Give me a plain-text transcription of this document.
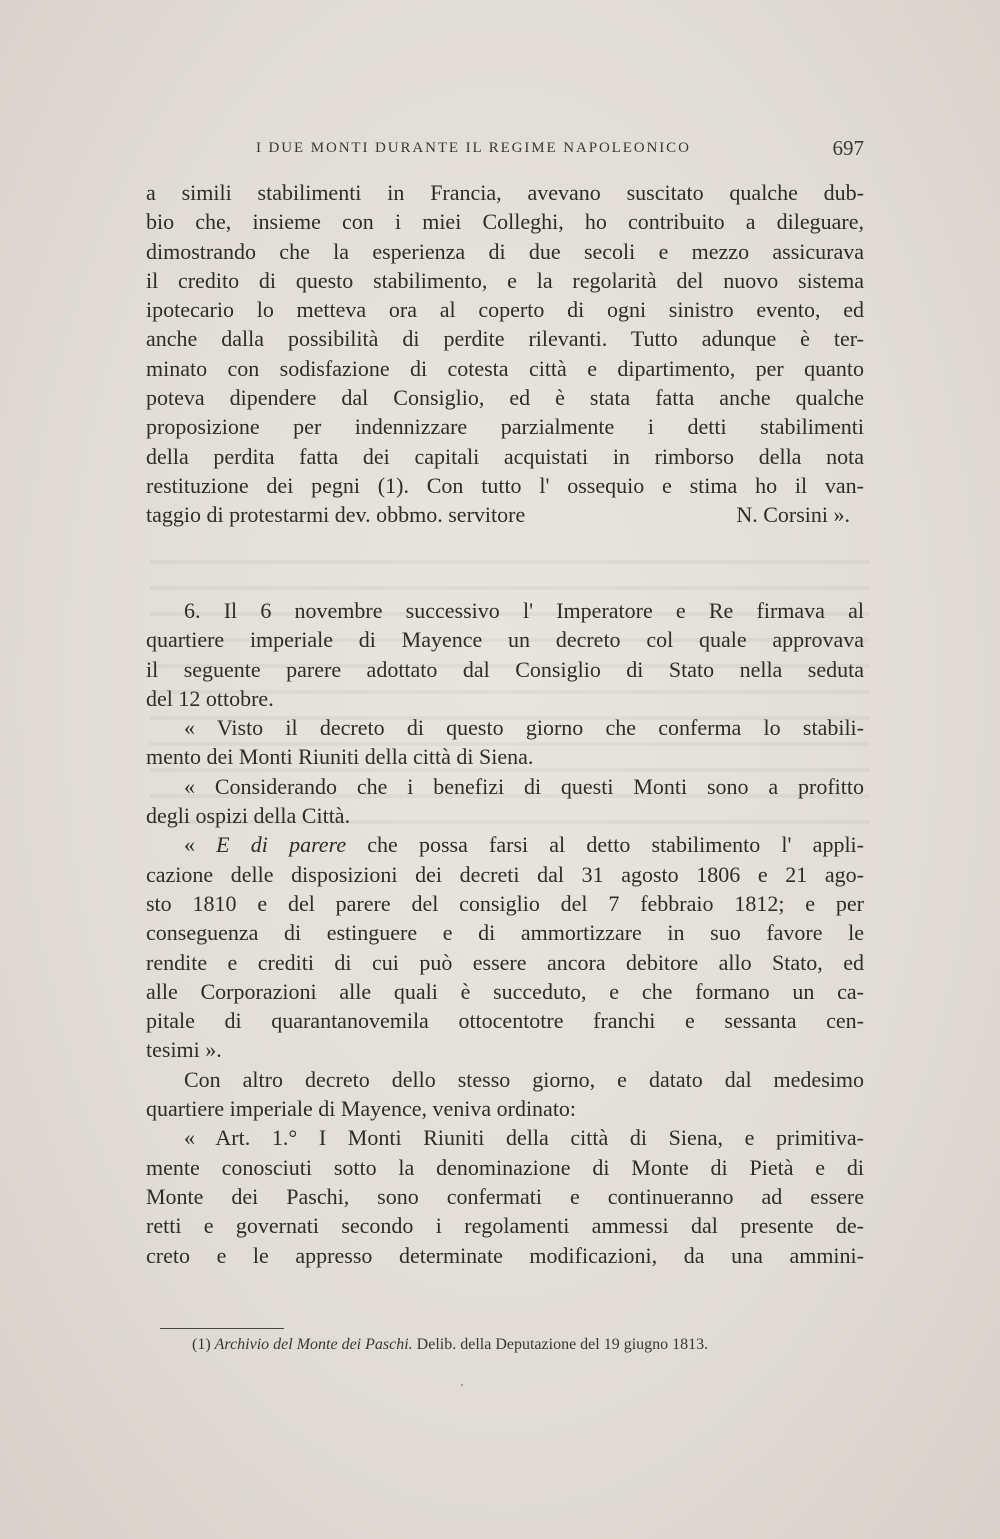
I DUE MONTI DURANTE IL REGIME NAPOLEONICO	697
a simili stabilimenti in Francia, avevano suscitato qualche dub-
bio che, insieme con i miei Colleghi, ho contribuito a dileguare,
dimostrando che la esperienza di due secoli e mezzo assicurava
il credito di questo stabilimento, e la regolarità del nuovo sistema
ipotecario lo metteva ora al coperto di ogni sinistro evento, ed
anche dalla possibilità di perdite rilevanti. Tutto adunque è ter-
minato con sodisfazione di cotesta città e dipartimento, per quanto
poteva dipendere dal Consiglio, ed è stata fatta anche qualche
proposizione per indennizzare parzialmente i detti stabilimenti
della perdita fatta dei capitali acquistati in rimborso della nota
restituzione dei pegni (1). Con tutto l' ossequio e stima ho il van-
taggio di protestarmi dev. obbmo. servitore	N. Corsini ».
6. Il 6 novembre successivo l' Imperatore e Re firmava al
quartiere imperiale di Mayence un decreto col quale approvava
il seguente parere adottato dal Consiglio di Stato nella seduta
del 12 ottobre.
« Visto il decreto di questo giorno che conferma lo stabili-
mento dei Monti Riuniti della città di Siena.
« Considerando che i benefizi di questi Monti sono a profitto
degli ospizi della Città.
« E di parere che possa farsi al detto stabilimento l' appli-
cazione delle disposizioni dei decreti dal 31 agosto 1806 e 21 ago-
sto 1810 e del parere del consiglio del 7 febbraio 1812; e per
conseguenza di estinguere e di ammortizzare in suo favore le
rendite e crediti di cui può essere ancora debitore allo Stato, ed
alle Corporazioni alle quali è succeduto, e che formano un ca-
pitale di quarantanovemila ottocentotre franchi e sessanta cen-
tesimi ».
Con altro decreto dello stesso giorno, e datato dal medesimo
quartiere imperiale di Mayence, veniva ordinato:
« Art. 1.° I Monti Riuniti della città di Siena, e primitiva-
mente conosciuti sotto la denominazione di Monte di Pietà e di
Monte dei Paschi, sono confermati e continueranno ad essere
retti e governati secondo i regolamenti ammessi dal presente de-
creto e le appresso determinate modificazioni, da una ammini-
(1) Archivio del Monte dei Paschi. Delib. della Deputazione del 19 giugno 1813.
